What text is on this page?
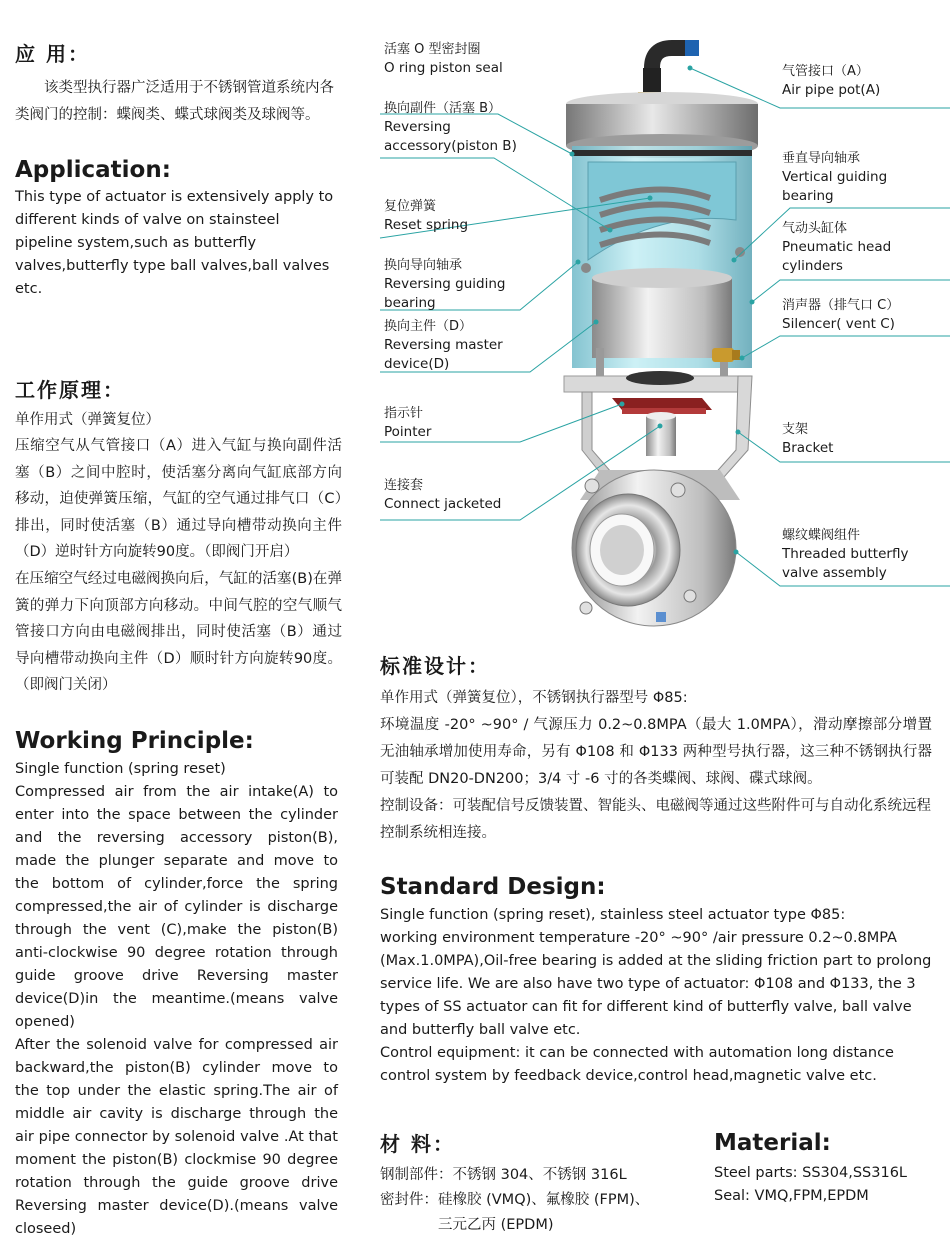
应 用：
该类型执行器广泛适用于不锈钢管道系统内各类阀门的控制：蝶阀类、蝶式球阀类及球阀等。
Application:
This type of actuator is extensively apply to different kinds of valve on stainsteel pipeline system,such as butterfly valves,butterfly type ball valves,ball valves etc.
工作原理：
单作用式（弹簧复位）
压缩空气从气管接口（A）进入气缸与换向副件活塞（B）之间中腔时，使活塞分离向气缸底部方向移动，迫使弹簧压缩，气缸的空气通过排气口（C）排出，同时使活塞（B）通过导向槽带动换向主件（D）逆时针方向旋转90度。（即阀门开启）
在压缩空气经过电磁阀换向后，气缸的活塞(B)在弹簧的弹力下向顶部方向移动。中间气腔的空气顺气管接口方向由电磁阀排出，同时使活塞（B）通过导向槽带动换向主件（D）顺时针方向旋转90度。（即阀门关闭）
Working Principle:
Single function (spring reset)
Compressed air from the air intake(A) to enter into the space between the cylinder and the reversing accessory piston(B), made the plunger separate and move to the bottom of cylinder,force the spring compressed,the air of cylinder is discharge through the vent (C),make the piston(B) anti-clockwise 90 degree rotation through guide groove drive Reversing master device(D)in the meantime.(means valve opened)
After the solenoid valve for compressed air backward,the piston(B) cylinder move to the top under the elastic spring.The air of middle air cavity is discharge through the air pipe connector by solenoid valve .At that moment the piston(B) clockmise 90 degree rotation through the guide groove drive Reversing master device(D).(means valve closeed)
活塞 O 型密封圈
O ring piston seal
换向副件（活塞 B）
Reversing
accessory(piston B)
复位弹簧
Reset spring
换向导向轴承
Reversing guiding
bearing
换向主件（D）
Reversing master
device(D)
指示针
Pointer
连接套
Connect jacketed
气管接口（A）
Air pipe pot(A)
垂直导向轴承
Vertical guiding
bearing
气动头缸体
Pneumatic head
cylinders
消声器（排气口 C）
Silencer( vent C)
支架
Bracket
螺纹蝶阀组件
Threaded butterfly
valve assembly
标准设计：
单作用式（弹簧复位），不锈钢执行器型号 Φ85:
环境温度 -20° ~90° / 气源压力 0.2~0.8MPA（最大 1.0MPA），滑动摩擦部分增置无油轴承增加使用寿命，另有 Φ108 和 Φ133 两种型号执行器，这三种不锈钢执行器可装配 DN20-DN200；3/4 寸 -6 寸的各类蝶阀、球阀、碟式球阀。
控制设备：可装配信号反馈装置、智能头、电磁阀等通过这些附件可与自动化系统远程控制系统相连接。
Standard Design:
Single function (spring reset), stainless steel actuator type Φ85:
working environment temperature -20° ~90° /air pressure 0.2~0.8MPA (Max.1.0MPA),Oil-free bearing is added at the sliding friction part to prolong service life. We are also have two type of actuator: Φ108 and Φ133, the 3 types of SS actuator can fit for different kind of butterfly valve, ball valve and butterfly ball valve etc.
Control equipment: it can be connected with automation long distance control system by feedback device,control head,magnetic valve etc.
材 料：
钢制部件：不锈钢 304、不锈钢 316L
密封件：硅橡胶 (VMQ)、氟橡胶 (FPM)、
三元乙丙 (EPDM)
Material:
Steel parts: SS304,SS316L
Seal: VMQ,FPM,EPDM
